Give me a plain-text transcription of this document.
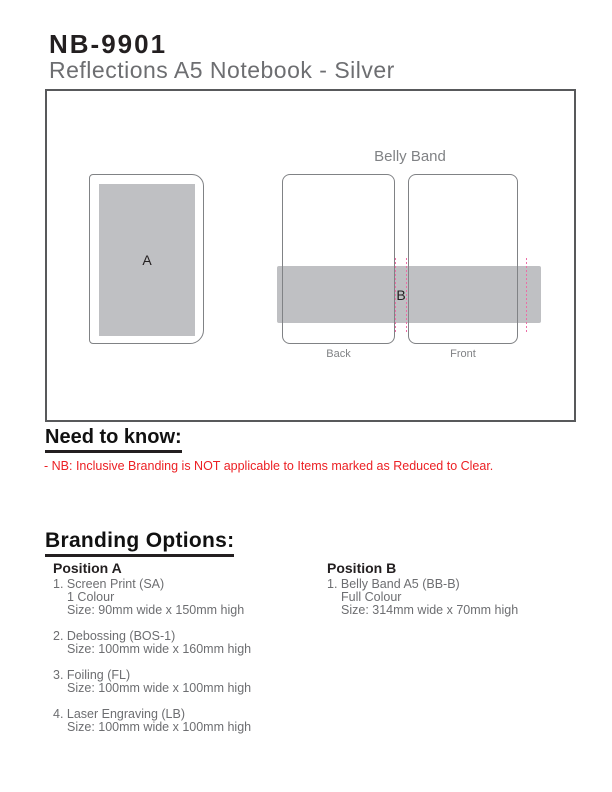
NB-9901
Reflections A5 Notebook - Silver
A
Belly Band
B
Back	Front
Need to know:
- NB: Inclusive Branding is NOT applicable to Items marked as Reduced to Clear.
Branding Options:
Position A
1. Screen Print (SA)
1 Colour
Size: 90mm wide x 150mm high
2. Debossing (BOS-1)
Size: 100mm wide x 160mm high
3. Foiling (FL)
Size: 100mm wide x 100mm high
4. Laser Engraving (LB)
Size: 100mm wide x 100mm high
Position B
1. Belly Band A5 (BB-B)
Full Colour
Size: 314mm wide x 70mm high
